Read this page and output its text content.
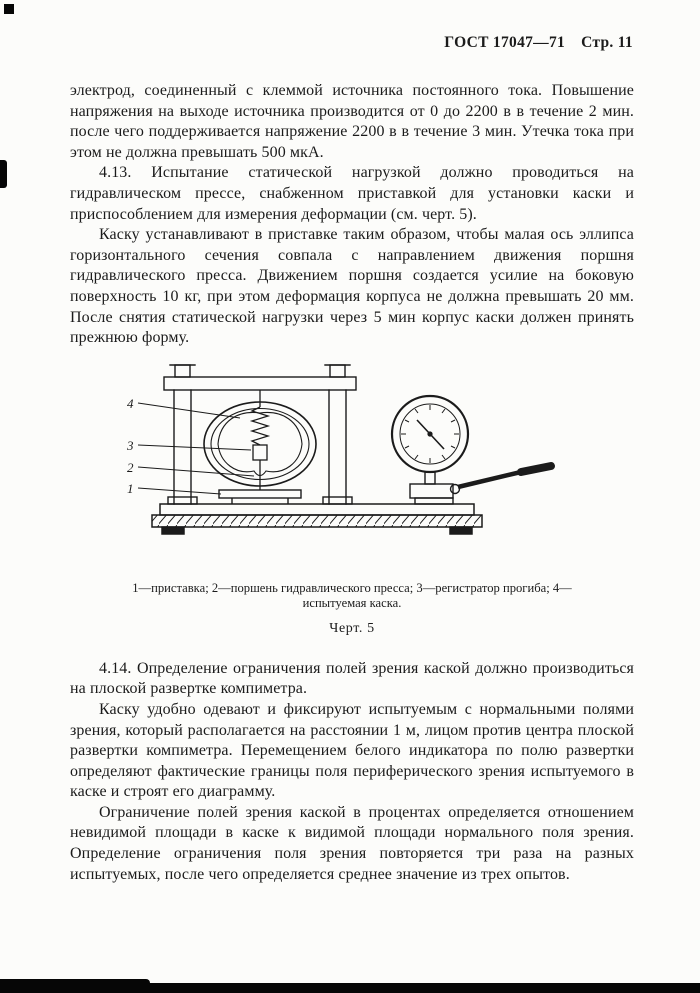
ГОСТ 17047—71 Стр. 11

электрод, соединенный с клеммой источника постоянного тока. Повышение напряжения на выходе источника производится от 0 до 2200 в в течение 2 мин. после чего поддерживается напряжение 2200 в в течение 3 мин. Утечка тока при этом не должна превышать 500 мкА.

4.13. Испытание статической нагрузкой должно проводиться на гидравлическом прессе, снабженном приставкой для установки каски и приспособлением для измерения деформации (см. черт. 5).

Каску устанавливают в приставке таким образом, чтобы малая ось эллипса горизонтального сечения совпала с направлением движения поршня гидравлического пресса. Движением поршня создается усилие на боковую поверхность 10 кг, при этом деформация корпуса не должна превышать 20 мм. После снятия статической нагрузки через 5 мин корпус каски должен принять прежнюю форму.

4
3
2
1
1—приставка; 2—поршень гидравлического пресса; 3—регистратор прогиба; 4—испытуемая каска.
Черт. 5

4.14. Определение ограничения полей зрения каской должно производиться на плоской развертке компиметра.

Каску удобно одевают и фиксируют испытуемым с нормальными полями зрения, который располагается на расстоянии 1 м, лицом против центра плоской развертки компиметра. Перемещением белого индикатора по полю развертки определяют фактические границы поля периферического зрения испытуемого в каске и строят его диаграмму.

Ограничение полей зрения каской в процентах определяется отношением невидимой площади в каске к видимой площади нормального поля зрения. Определение ограничения поля зрения повторяется три раза на разных испытуемых, после чего определяется среднее значение из трех опытов.
